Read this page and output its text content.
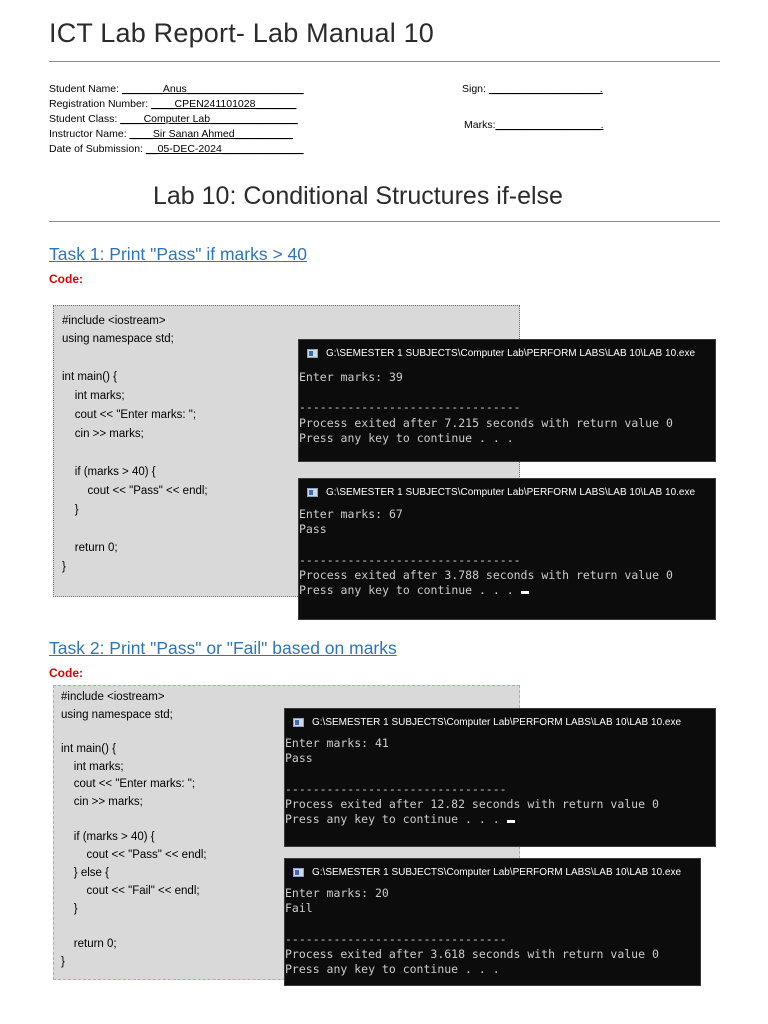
ICT Lab Report- Lab Manual 10
Student Name: _______Anus____________________
Registration Number: ____CPEN241101028_______
Student Class: ____Computer Lab_______________
Instructor Name: ____Sir Sanan Ahmed__________
Date of Submission: __05-DEC-2024______________
Sign: ___________________.
Marks:__________________.
Lab 10: Conditional Structures if-else
Task 1: Print "Pass" if marks > 40
Code:
#include <iostream>
using namespace std;
int main() {
int marks;
cout << "Enter marks: ";
cin >> marks;
if (marks > 40) {
cout << "Pass" << endl;
}
return 0;
}
G:\SEMESTER 1 SUBJECTS\Computer Lab\PERFORM LABS\LAB 10\LAB 10.exe
Enter marks: 39
--------------------------------
Process exited after 7.215 seconds with return value 0
Press any key to continue . . .
G:\SEMESTER 1 SUBJECTS\Computer Lab\PERFORM LABS\LAB 10\LAB 10.exe
Enter marks: 67
Pass
--------------------------------
Process exited after 3.788 seconds with return value 0
Press any key to continue . . .
Task 2: Print "Pass" or "Fail" based on marks
Code:
#include <iostream>
using namespace std;
int main() {
int marks;
cout << "Enter marks: ";
cin >> marks;
if (marks > 40) {
cout << "Pass" << endl;
} else {
cout << "Fail" << endl;
}
return 0;
}
G:\SEMESTER 1 SUBJECTS\Computer Lab\PERFORM LABS\LAB 10\LAB 10.exe
Enter marks: 41
Pass
--------------------------------
Process exited after 12.82 seconds with return value 0
Press any key to continue . . .
G:\SEMESTER 1 SUBJECTS\Computer Lab\PERFORM LABS\LAB 10\LAB 10.exe
Enter marks: 20
Fail
--------------------------------
Process exited after 3.618 seconds with return value 0
Press any key to continue . . .
